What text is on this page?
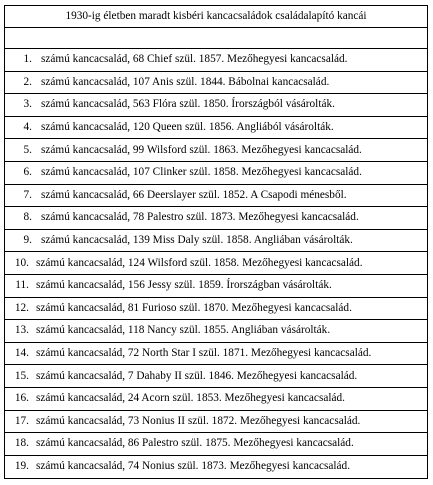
1930-ig életben maradt kisbéri kancacsaládok családalapító kancái

1. számú kancacsalád, 68 Chief szül. 1857. Mezőhegyesi kancacsalád.
2. számú kancacsalád, 107 Anis szül. 1844. Bábolnai kancacsalád.
3. számú kancacsalád, 563 Flóra szül. 1850. Írországból vásárolták.
4. számú kancacsalád, 120 Queen szül. 1856. Angliából vásárolták.
5. számú kancacsalád, 99 Wilsford szül. 1863. Mezőhegyesi kancacsalád.
6. számú kancacsalád, 107 Clinker szül. 1858. Mezőhegyesi kancacsalád.
7. számú kancacsalád, 66 Deerslayer szül. 1852. A Csapodi ménesből.
8. számú kancacsalád, 78 Palestro szül. 1873. Mezőhegyesi kancacsalád.
9. számú kancacsalád, 139 Miss Daly szül. 1858. Angliában vásárolták.
10. számú kancacsalád, 124 Wilsford szül. 1858. Mezőhegyesi kancacsalád.
11. számú kancacsalád, 156 Jessy szül. 1859. Írországban vásárolták.
12. számú kancacsalád, 81 Furioso szül. 1870. Mezőhegyesi kancacsalád.
13. számú kancacsalád, 118 Nancy szül. 1855. Angliában vásárolták.
14. számú kancacsalád, 72 North Star I szül. 1871. Mezőhegyesi kancacsalád.
15. számú kancacsalád, 7 Dahaby II szül. 1846. Mezőhegyesi kancacsalád.
16. számú kancacsalád, 24 Acorn szül. 1853. Mezőhegyesi kancacsalád.
17. számú kancacsalád, 73 Nonius II szül. 1872. Mezőhegyesi kancacsalád.
18. számú kancacsalád, 86 Palestro szül. 1875. Mezőhegyesi kancacsalád.
19. számú kancacsalád, 74 Nonius szül. 1873. Mezőhegyesi kancacsalád.
